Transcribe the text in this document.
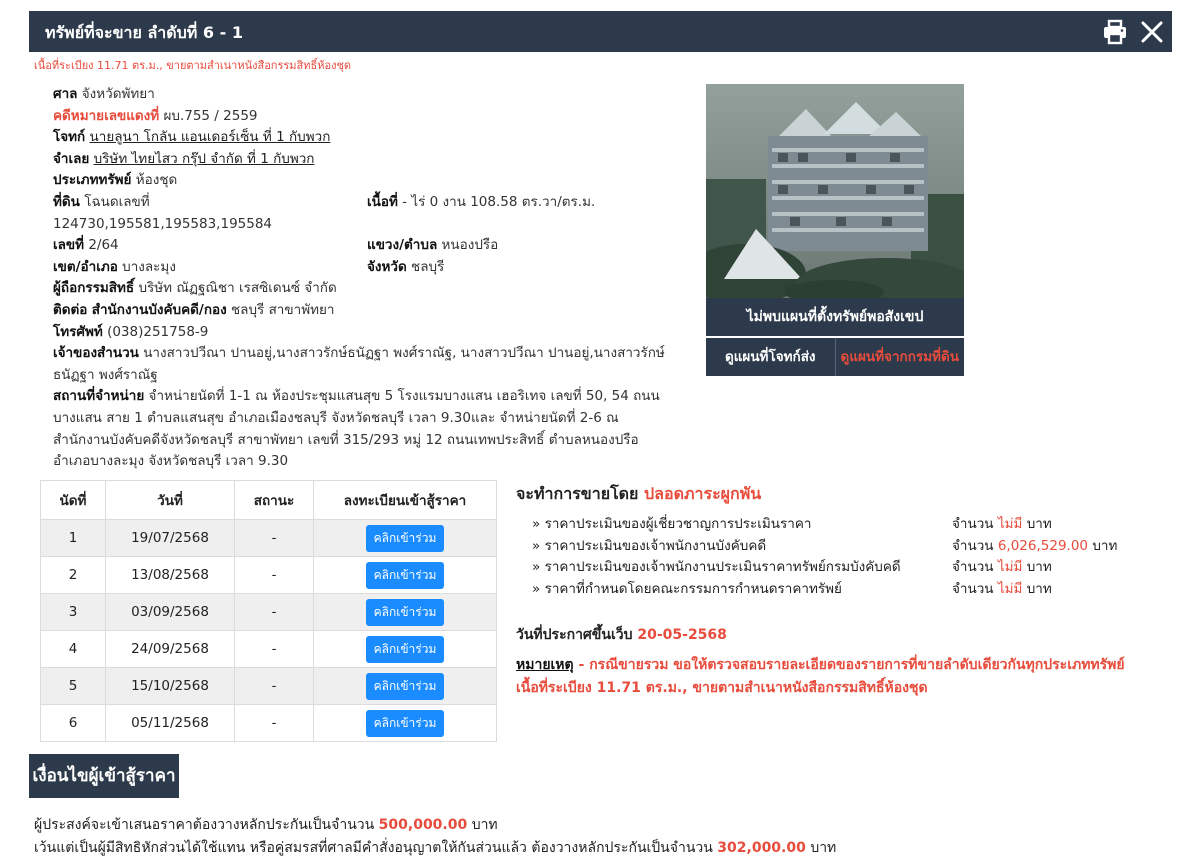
ทรัพย์ที่จะขาย ลำดับที่ 6 - 1
เนื้อที่ระเบียง 11.71 ตร.ม., ขายตามสำเนาหนังสือกรรมสิทธิ์ห้องชุด
ศาล จังหวัดพัทยา
คดีหมายเลขแดงที่ ผบ.755 / 2559
โจทก์ นายลูนา โกลัน แอนเดอร์เซ็น ที่ 1 กับพวก
จำเลย บริษัท ไทยไสว กรุ๊ป จำกัด ที่ 1 กับพวก
ประเภททรัพย์ ห้องชุด
ที่ดิน โฉนดเลขที่ 124730,195581,195583,195584
เนื้อที่ - ไร่ 0 งาน 108.58 ตร.วา/ตร.ม.
เลขที่ 2/64	แขวง/ตำบล หนองปรือ
เขต/อำเภอ บางละมุง	จังหวัด ชลบุรี
ผู้ถือกรรมสิทธิ์ บริษัท ณัฏฐณิชา เรสซิเดนซ์ จำกัด
ติดต่อ สำนักงานบังคับคดี/กอง ชลบุรี สาขาพัทยา
โทรศัพท์ (038)251758-9
เจ้าของสำนวน นางสาวปวีณา ปานอยู่,นางสาวรักษ์ธนัฏฐา พงศ์ราณัฐ, นางสาวปวีณา ปานอยู่,นางสาวรักษ์ธนัฏฐา พงศ์ราณัฐ
สถานที่จำหน่าย จำหน่ายนัดที่ 1-1 ณ ห้องประชุมแสนสุข 5 โรงแรมบางแสน เฮอริเทจ เลขที่ 50, 54 ถนน บางแสน สาย 1 ตำบลแสนสุข อำเภอเมืองชลบุรี จังหวัดชลบุรี เวลา 9.30และ จำหน่ายนัดที่ 2-6 ณ สำนักงานบังคับคดีจังหวัดชลบุรี สาขาพัทยา เลขที่ 315/293 หมู่ 12 ถนนเทพประสิทธิ์ ตำบลหนองปรือ อำเภอบางละมุง จังหวัดชลบุรี เวลา 9.30
ไม่พบแผนที่ตั้งทรัพย์พอสังเขป
ดูแผนที่โจทก์ส่ง	ดูแผนที่จากกรมที่ดิน
นัดที่	วันที่	สถานะ	ลงทะเบียนเข้าสู้ราคา
1	19/07/2568	-	คลิกเข้าร่วม
2	13/08/2568	-	คลิกเข้าร่วม
3	03/09/2568	-	คลิกเข้าร่วม
4	24/09/2568	-	คลิกเข้าร่วม
5	15/10/2568	-	คลิกเข้าร่วม
6	05/11/2568	-	คลิกเข้าร่วม
จะทำการขายโดย ปลอดภาระผูกพัน
» ราคาประเมินของผู้เชี่ยวชาญการประเมินราคา	จำนวน ไม่มี บาท
» ราคาประเมินของเจ้าพนักงานบังคับคดี	จำนวน 6,026,529.00 บาท
» ราคาประเมินของเจ้าพนักงานประเมินราคาทรัพย์กรมบังคับคดี	จำนวน ไม่มี บาท
» ราคาที่กำหนดโดยคณะกรรมการกำหนดราคาทรัพย์	จำนวน ไม่มี บาท
วันที่ประกาศขึ้นเว็บ 20-05-2568
หมายเหตุ - กรณีขายรวม ขอให้ตรวจสอบรายละเอียดของรายการที่ขายลำดับเดียวกันทุกประเภททรัพย์
เนื้อที่ระเบียง 11.71 ตร.ม., ขายตามสำเนาหนังสือกรรมสิทธิ์ห้องชุด
เงื่อนไขผู้เข้าสู้ราคา
ผู้ประสงค์จะเข้าเสนอราคาต้องวางหลักประกันเป็นจำนวน 500,000.00 บาท
เว้นแต่เป็นผู้มีสิทธิหักส่วนได้ใช้แทน หรือคู่สมรสที่ศาลมีคำสั่งอนุญาตให้กันส่วนแล้ว ต้องวางหลักประกันเป็นจำนวน 302,000.00 บาท
